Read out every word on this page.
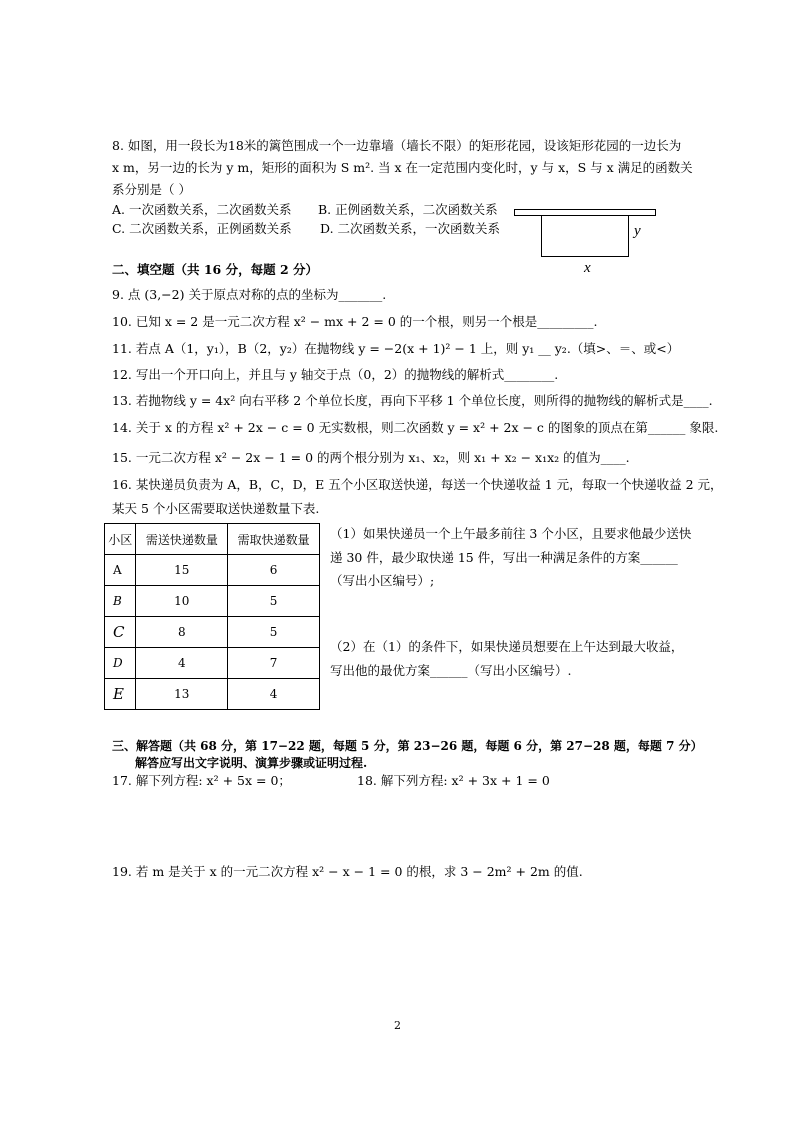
8. 如图，用一段长为18米的篱笆围成一个一边靠墙（墙长不限）的矩形花园，设该矩形花园的一边长为
x m，另一边的长为 y m，矩形的面积为 S m². 当 x 在一定范围内变化时，y 与 x，S 与 x 满足的函数关
系分别是（ ）
A. 一次函数关系，二次函数关系 B. 正例函数关系，二次函数关系
C. 二次函数关系，正例函数关系 D. 二次函数关系，一次函数关系	y
x
二、填空题（共 16 分，每题 2 分）
9. 点 (3,−2) 关于原点对称的点的坐标为_______.
10. 已知 x = 2 是一元二次方程 x² − mx + 2 = 0 的一个根，则另一个根是_________.
11. 若点 A（1，y₁），B（2，y₂）在抛物线 y = −2(x + 1)² − 1 上，则 y₁ __ y₂.（填>、＝、或<）
12. 写出一个开口向上，并且与 y 轴交于点（0，2）的抛物线的解析式________.
13. 若抛物线 y = 4x² 向右平移 2 个单位长度，再向下平移 1 个单位长度，则所得的抛物线的解析式是____.
14. 关于 x 的方程 x² + 2x − c = 0 无实数根，则二次函数 y = x² + 2x − c 的图象的顶点在第______ 象限.
15. 一元二次方程 x² − 2x − 1 = 0 的两个根分别为 x₁、x₂，则 x₁ + x₂ − x₁x₂ 的值为____.
16. 某快递员负责为 A，B，C，D，E 五个小区取送快递，每送一个快递收益 1 元，每取一个快递收益 2 元，
某天 5 个小区需要取送快递数量下表.
小区	需送快递数量	需取快递数量
A	15	6
B	10	5
C	8	5
D	4	7
E	13	4
（1）如果快递员一个上午最多前往 3 个小区，且要求他最少送快
递 30 件，最少取快递 15 件，写出一种满足条件的方案______
（写出小区编号）;
（2）在（1）的条件下，如果快递员想要在上午达到最大收益，
写出他的最优方案______（写出小区编号）.
三、解答题（共 68 分，第 17−22 题，每题 5 分，第 23−26 题，每题 6 分，第 27−28 题，每题 7 分）
解答应写出文字说明、演算步骤或证明过程.
17. 解下列方程: x² + 5x = 0；	18. 解下列方程: x² + 3x + 1 = 0
19. 若 m 是关于 x 的一元二次方程 x² − x − 1 = 0 的根，求 3 − 2m² + 2m 的值.
2
